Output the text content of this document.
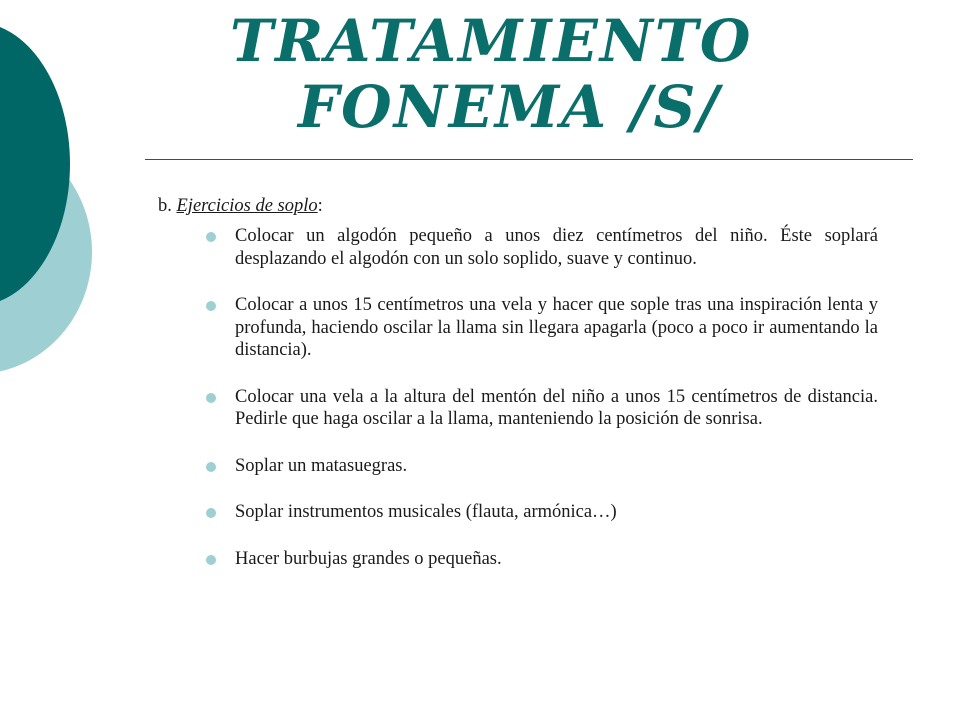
TRATAMIENTO
FONEMA /S/

b. Ejercicios de soplo:

Colocar un algodón pequeño a unos diez centímetros del niño. Éste soplará desplazando el algodón con un solo soplido, suave y continuo.
Colocar a unos 15 centímetros una vela y hacer que sople tras una inspiración lenta y profunda, haciendo oscilar la llama sin llegara apagarla (poco a poco ir aumentando la distancia).
Colocar una vela a la altura del mentón del niño a unos 15 centímetros de distancia. Pedirle que haga oscilar a la llama, manteniendo la posición de sonrisa.
Soplar un matasuegras.
Soplar instrumentos musicales (flauta, armónica…)
Hacer burbujas grandes o pequeñas.
